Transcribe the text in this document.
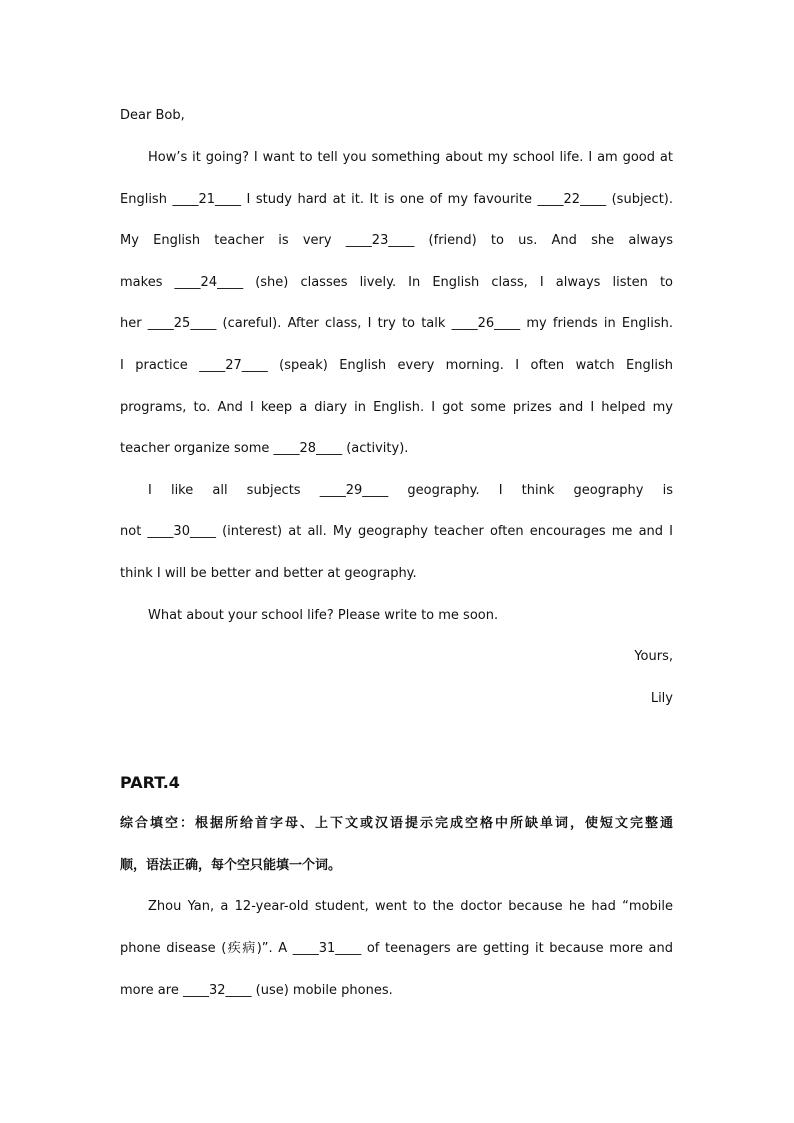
Dear Bob,
How’s it going? I want to tell you something about my school life. I am good at
English ____21____ I study hard at it. It is one of my favourite ____22____ (subject).
My English teacher is very ____23____ (friend) to us. And she always
makes ____24____ (she) classes lively. In English class, I always listen to
her ____25____ (careful). After class, I try to talk ____26____ my friends in English.
I practice ____27____ (speak) English every morning. I often watch English
programs, to. And I keep a diary in English. I got some prizes and I helped my
teacher organize some ____28____ (activity).
I like all subjects ____29____ geography. I think geography is
not ____30____ (interest) at all. My geography teacher often encourages me and I
think I will be better and better at geography.
What about your school life? Please write to me soon.
Yours,
Lily
PART.4
综合填空：根据所给首字母、上下文或汉语提示完成空格中所缺单词，使短文完整通
顺，语法正确，每个空只能填一个词。
Zhou Yan, a 12-year-old student, went to the doctor because he had “mobile
phone disease (疾病)”. A ____31____ of teenagers are getting it because more and
more are ____32____ (use) mobile phones.
